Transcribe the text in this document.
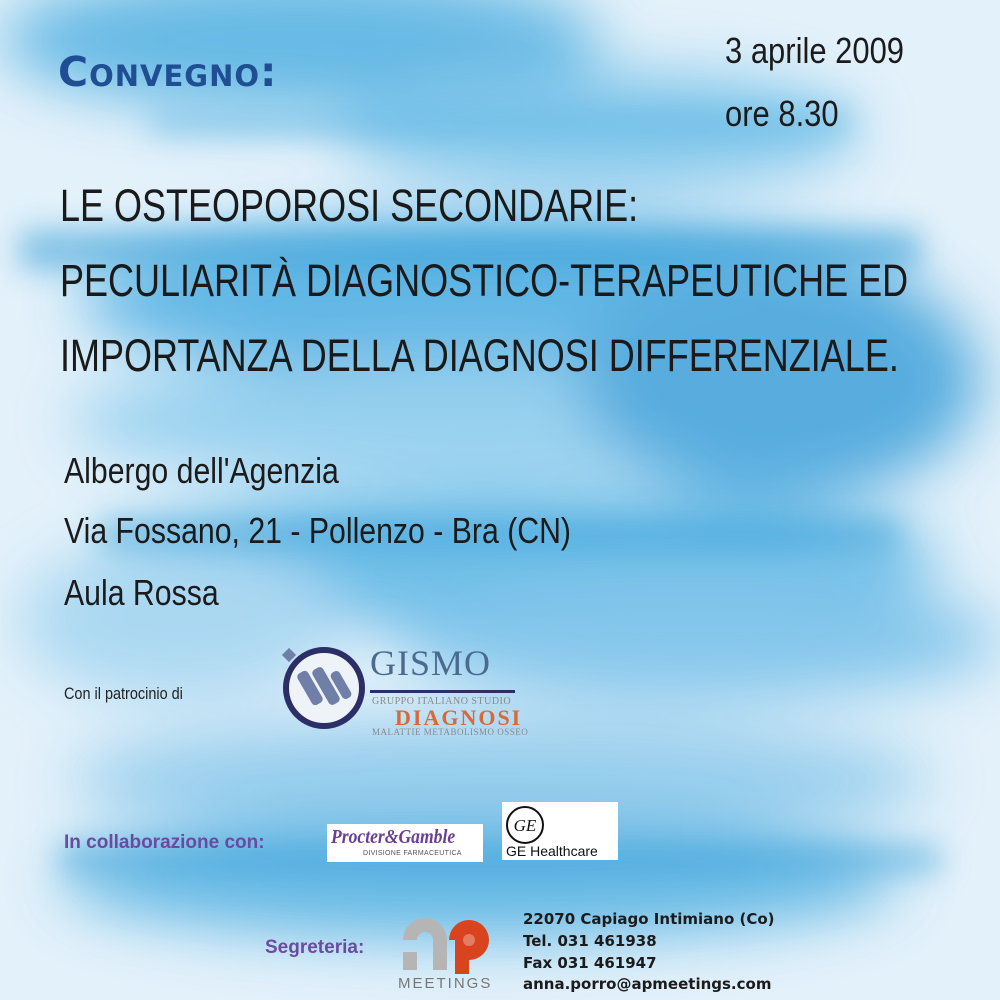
Convegno:	3 aprile 2009
ore 8.30
LE OSTEOPOROSI SECONDARIE:
PECULIARITÀ DIAGNOSTICO-TERAPEUTICHE ED
IMPORTANZA DELLA DIAGNOSI DIFFERENZIALE.
Albergo dell'Agenzia
Via Fossano, 21 - Pollenzo - Bra (CN)
Aula Rossa
Con il patrocinio di
GISMO
GRUPPO ITALIANO STUDIO
DIAGNOSI
MALATTIE METABOLISMO OSSEO
In collaborazione con:	Procter&Gamble
DIVISIONE FARMACEUTICA
GE
GE Healthcare
Segreteria:
MEETINGS
22070 Capiago Intimiano (Co)
Tel. 031 461938
Fax 031 461947
anna.porro@apmeetings.com
